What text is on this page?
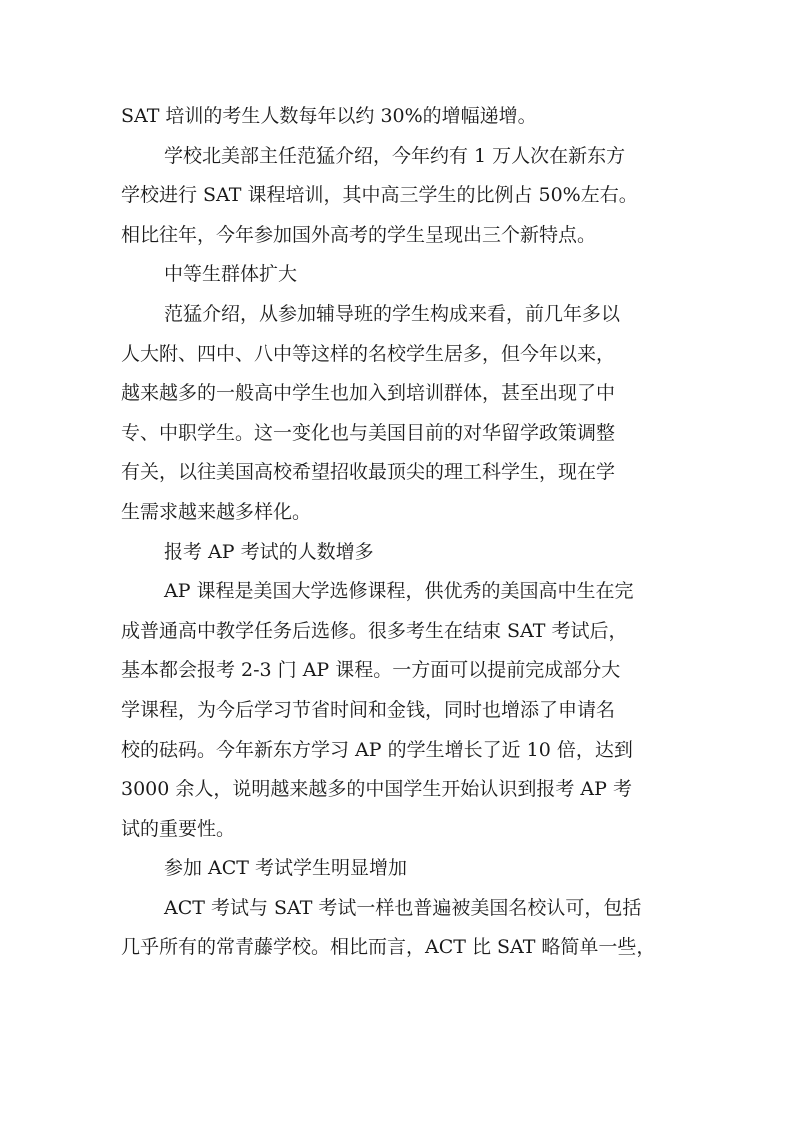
SAT 培训的考生人数每年以约 30%的增幅递增。
学校北美部主任范猛介绍，今年约有 1 万人次在新东方
学校进行 SAT 课程培训，其中高三学生的比例占 50%左右。
相比往年，今年参加国外高考的学生呈现出三个新特点。
中等生群体扩大
范猛介绍，从参加辅导班的学生构成来看，前几年多以
人大附、四中、八中等这样的名校学生居多，但今年以来，
越来越多的一般高中学生也加入到培训群体，甚至出现了中
专、中职学生。这一变化也与美国目前的对华留学政策调整
有关，以往美国高校希望招收最顶尖的理工科学生，现在学
生需求越来越多样化。
报考 AP 考试的人数增多
AP 课程是美国大学选修课程，供优秀的美国高中生在完
成普通高中教学任务后选修。很多考生在结束 SAT 考试后，
基本都会报考 2-3 门 AP 课程。一方面可以提前完成部分大
学课程，为今后学习节省时间和金钱，同时也增添了申请名
校的砝码。今年新东方学习 AP 的学生增长了近 10 倍，达到
3000 余人，说明越来越多的中国学生开始认识到报考 AP 考
试的重要性。
参加 ACT 考试学生明显增加
ACT 考试与 SAT 考试一样也普遍被美国名校认可，包括
几乎所有的常青藤学校。相比而言，ACT 比 SAT 略简单一些，
